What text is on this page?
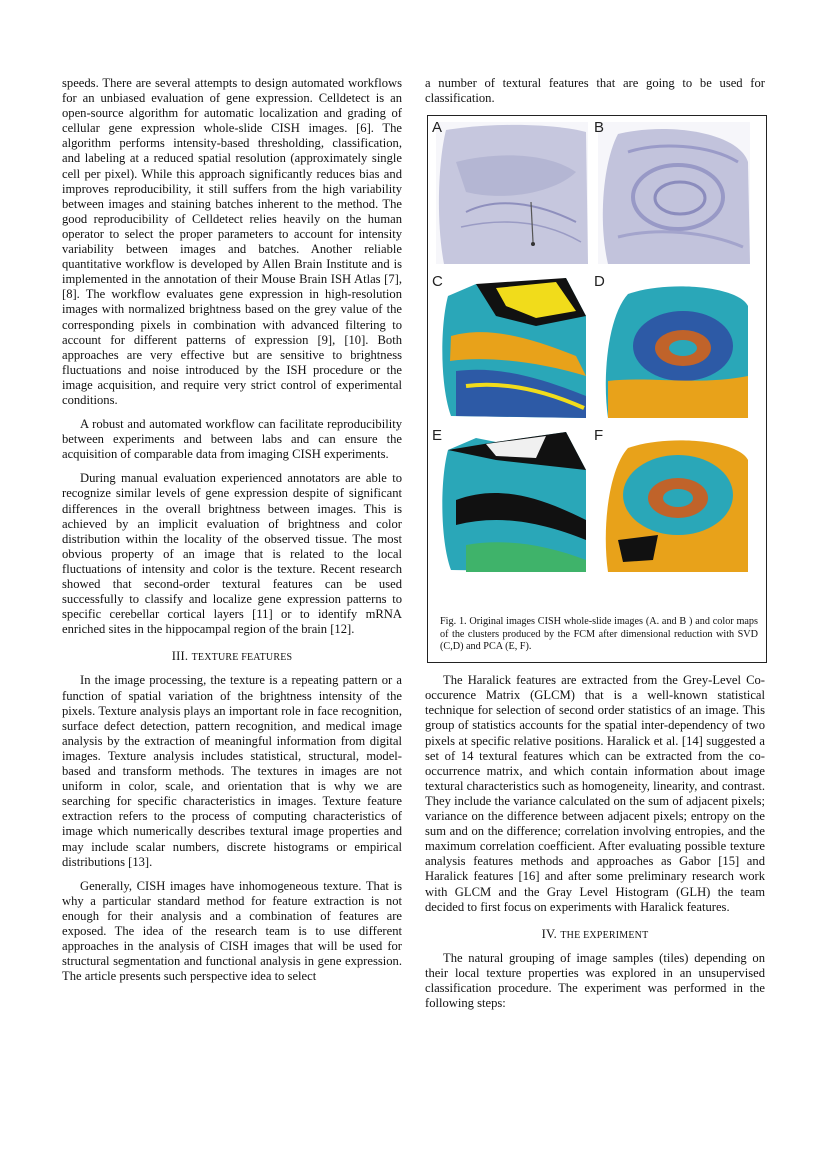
speeds. There are several attempts to design automated workflows for an unbiased evaluation of gene expression. Celldetect is an open-source algorithm for automatic localization and grading of cellular gene expression whole-slide CISH images. [6]. The algorithm performs intensity-based thresholding, classification, and labeling at a reduced spatial resolution (approximately single cell per pixel). While this approach significantly reduces bias and improves reproducibility, it still suffers from the high variability between images and staining batches inherent to the method. The good reproducibility of Celldetect relies heavily on the human operator to select the proper parameters to account for intensity variability between images and batches. Another reliable quantitative workflow is developed by Allen Brain Institute and is implemented in the annotation of their Mouse Brain ISH Atlas [7], [8]. The workflow evaluates gene expression in high-resolution images with normalized brightness based on the grey value of the corresponding pixels in combination with advanced filtering to account for different patterns of expression [9], [10]. Both approaches are very effective but are sensitive to brightness fluctuations and noise introduced by the ISH procedure or the image acquisition, and require very strict control of experimental conditions.

A robust and automated workflow can facilitate reproducibility between experiments and between labs and can ensure the acquisition of comparable data from imaging CISH experiments.

During manual evaluation experienced annotators are able to recognize similar levels of gene expression despite of significant differences in the overall brightness between images. This is achieved by an implicit evaluation of brightness and color distribution within the locality of the observed tissue. The most obvious property of an image that is related to the local fluctuations of intensity and color is the texture. Recent research showed that second-order textural features can be used successfully to classify and localize gene expression patterns to specific cerebellar cortical layers [11] or to identify mRNA enriched sites in the hippocampal region of the brain [12].

III. TEXTURE FEATURES

In the image processing, the texture is a repeating pattern or a function of spatial variation of the brightness intensity of the pixels. Texture analysis plays an important role in face recognition, surface defect detection, pattern recognition, and medical image analysis by the extraction of meaningful information from digital images. Texture analysis includes statistical, structural, model-based and transform methods. The textures in images are not uniform in color, scale, and orientation that is why we are searching for specific characteristics in images. Texture feature extraction refers to the process of computing characteristics of image which numerically describes textural image properties and may include scalar numbers, discrete histograms or empirical distributions [13].

Generally, CISH images have inhomogeneous texture. That is why a particular standard method for feature extraction is not enough for their analysis and a combination of features are exposed. The idea of the research team is to use different approaches in the analysis of CISH images that will be used for structural segmentation and functional analysis in gene expression. The article presents such perspective idea to select

a number of textural features that are going to be used for classification.

A	B
C	D
E	F
Fig. 1. Original images CISH whole-slide images (A. and B ) and color maps of the clusters produced by the FCM after dimensional reduction with SVD (C,D) and PCA (E, F).

The Haralick features are extracted from the Grey-Level Co-occurence Matrix (GLCM) that is a well-known statistical technique for selection of second order statistics of an image. This group of statistics accounts for the spatial inter-dependency of two pixels at specific relative positions. Haralick et al. [14] suggested a set of 14 textural features which can be extracted from the co-occurrence matrix, and which contain information about image textural characteristics such as homogeneity, linearity, and contrast. They include the variance calculated on the sum of adjacent pixels; variance on the difference between adjacent pixels; entropy on the sum and on the difference; correlation involving entropies, and the maximum correlation coefficient. After evaluating possible texture analysis features methods and approaches as Gabor [15] and Haralick features [16] and after some preliminary research work with GLCM and the Gray Level Histogram (GLH) the team decided to first focus on experiments with Haralick features.

IV. THE EXPERIMENT

The natural grouping of image samples (tiles) depending on their local texture properties was explored in an unsupervised classification procedure. The experiment was performed in the following steps:
